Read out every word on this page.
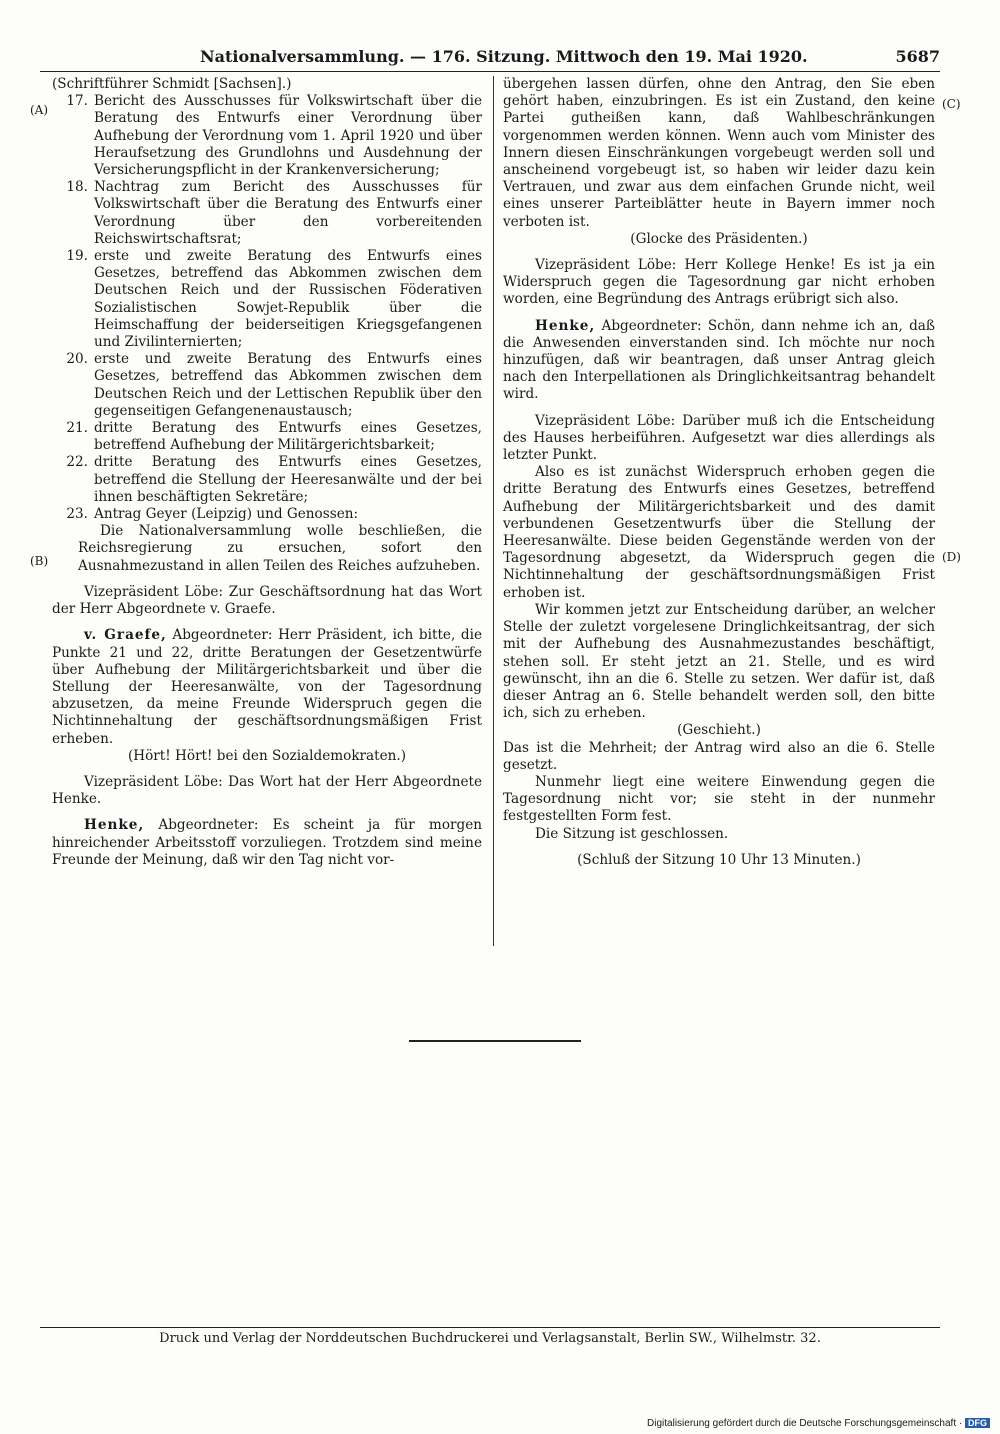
Nationalversammlung. — 176. Sitzung. Mittwoch den 19. Mai 1920.	5687
(A)
(B)
(C)
(D)

(Schriftführer Schmidt [Sachsen].)

17. Bericht des Ausschusses für Volkswirtschaft über die Beratung des Entwurfs einer Verordnung über Aufhebung der Verordnung vom 1. April 1920 und über Heraufsetzung des Grundlohns und Ausdehnung der Versicherungspflicht in der Krankenversicherung;
18. Nachtrag zum Bericht des Ausschusses für Volkswirtschaft über die Beratung des Entwurfs einer Verordnung über den vorbereitenden Reichswirtschaftsrat;
19. erste und zweite Beratung des Entwurfs eines Gesetzes, betreffend das Abkommen zwischen dem Deutschen Reich und der Russischen Föderativen Sozialistischen Sowjet-Republik über die Heimschaffung der beiderseitigen Kriegsgefangenen und Zivilinternierten;
20. erste und zweite Beratung des Entwurfs eines Gesetzes, betreffend das Abkommen zwischen dem Deutschen Reich und der Lettischen Republik über den gegenseitigen Gefangenenaustausch;
21. dritte Beratung des Entwurfs eines Gesetzes, betreffend Aufhebung der Militärgerichtsbarkeit;
22. dritte Beratung des Entwurfs eines Gesetzes, betreffend die Stellung der Heeresanwälte und der bei ihnen beschäftigten Sekretäre;
23. Antrag Geyer (Leipzig) und Genossen:

Die Nationalversammlung wolle beschließen, die Reichsregierung zu ersuchen, sofort den Ausnahmezustand in allen Teilen des Reiches aufzuheben.

Vizepräsident Löbe: Zur Geschäftsordnung hat das Wort der Herr Abgeordnete v. Graefe.

v. Graefe, Abgeordneter: Herr Präsident, ich bitte, die Punkte 21 und 22, dritte Beratungen der Gesetzentwürfe über Aufhebung der Militärgerichtsbarkeit und über die Stellung der Heeresanwälte, von der Tagesordnung abzusetzen, da meine Freunde Widerspruch gegen die Nichtinnehaltung der geschäftsordnungsmäßigen Frist erheben.

(Hört! Hört! bei den Sozialdemokraten.)

Vizepräsident Löbe: Das Wort hat der Herr Abgeordnete Henke.

Henke, Abgeordneter: Es scheint ja für morgen hinreichender Arbeitsstoff vorzuliegen. Trotzdem sind meine Freunde der Meinung, daß wir den Tag nicht vor-

übergehen lassen dürfen, ohne den Antrag, den Sie eben gehört haben, einzubringen. Es ist ein Zustand, den keine Partei gutheißen kann, daß Wahlbeschränkungen vorgenommen werden können. Wenn auch vom Minister des Innern diesen Einschränkungen vorgebeugt werden soll und anscheinend vorgebeugt ist, so haben wir leider dazu kein Vertrauen, und zwar aus dem einfachen Grunde nicht, weil eines unserer Parteiblätter heute in Bayern immer noch verboten ist.

(Glocke des Präsidenten.)

Vizepräsident Löbe: Herr Kollege Henke! Es ist ja ein Widerspruch gegen die Tagesordnung gar nicht erhoben worden, eine Begründung des Antrags erübrigt sich also.

Henke, Abgeordneter: Schön, dann nehme ich an, daß die Anwesenden einverstanden sind. Ich möchte nur noch hinzufügen, daß wir beantragen, daß unser Antrag gleich nach den Interpellationen als Dringlichkeitsantrag behandelt wird.

Vizepräsident Löbe: Darüber muß ich die Entscheidung des Hauses herbeiführen. Aufgesetzt war dies allerdings als letzter Punkt.

Also es ist zunächst Widerspruch erhoben gegen die dritte Beratung des Entwurfs eines Gesetzes, betreffend Aufhebung der Militärgerichtsbarkeit und des damit verbundenen Gesetzentwurfs über die Stellung der Heeresanwälte. Diese beiden Gegenstände werden von der Tagesordnung abgesetzt, da Widerspruch gegen die Nichtinnehaltung der geschäftsordnungsmäßigen Frist erhoben ist.

Wir kommen jetzt zur Entscheidung darüber, an welcher Stelle der zuletzt vorgelesene Dringlichkeitsantrag, der sich mit der Aufhebung des Ausnahmezustandes beschäftigt, stehen soll. Er steht jetzt an 21. Stelle, und es wird gewünscht, ihn an die 6. Stelle zu setzen. Wer dafür ist, daß dieser Antrag an 6. Stelle behandelt werden soll, den bitte ich, sich zu erheben.

(Geschieht.)

Das ist die Mehrheit; der Antrag wird also an die 6. Stelle gesetzt.

Nunmehr liegt eine weitere Einwendung gegen die Tagesordnung nicht vor; sie steht in der nunmehr festgestellten Form fest.

Die Sitzung ist geschlossen.

(Schluß der Sitzung 10 Uhr 13 Minuten.)

Druck und Verlag der Norddeutschen Buchdruckerei und Verlagsanstalt, Berlin SW., Wilhelmstr. 32.
Digitalisierung gefördert durch die Deutsche Forschungsgemeinschaft · DFG
